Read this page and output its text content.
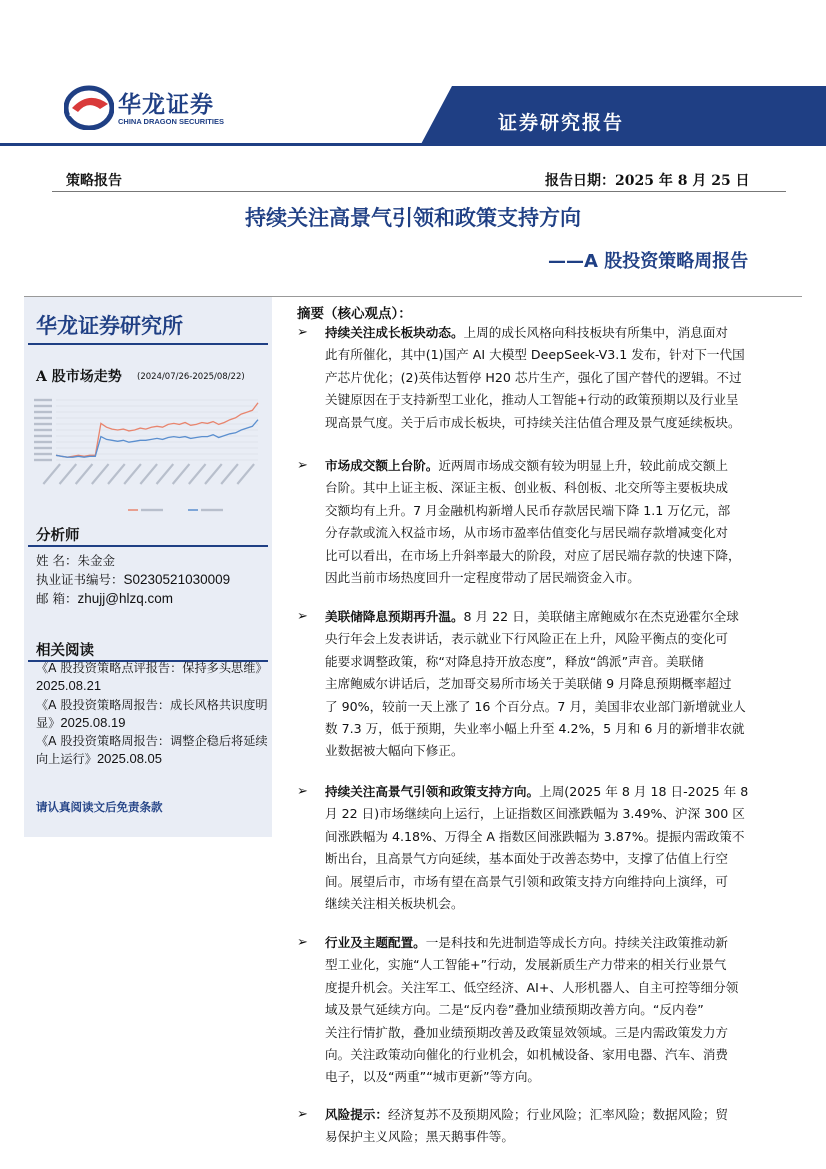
华龙证券
CHINA DRAGON SECURITIES	证券研究报告
策略报告	报告日期：2025 年 8 月 25 日
持续关注高景气引领和政策支持方向
——A 股投资策略周报告
华龙证券研究所
A 股市场走势 (2024/07/26-2025/08/22)
分析师
姓 名：朱金金
执业证书编号：S0230521030009
邮 箱：zhujj@hlzq.com
相关阅读
《A 股投资策略点评报告：保持多头思维》2025.08.21
《A 股投资策略周报告：成长风格共识度明显》2025.08.19
《A 股投资策略周报告：调整企稳后将延续向上运行》2025.08.05
请认真阅读文后免责条款
摘要（核心观点）：
➢ 持续关注成长板块动态。上周的成长风格向科技板块有所集中，消息面对
此有所催化，其中(1)国产 AI 大模型 DeepSeek-V3.1 发布，针对下一代国
产芯片优化；(2)英伟达暂停 H20 芯片生产，强化了国产替代的逻辑。不过
关键原因在于支持新型工业化，推动人工智能+行动的政策预期以及行业呈
现高景气度。关于后市成长板块，可持续关注估值合理及景气度延续板块。
➢ 市场成交额上台阶。近两周市场成交额有较为明显上升，较此前成交额上
台阶。其中上证主板、深证主板、创业板、科创板、北交所等主要板块成
交额均有上升。7 月金融机构新增人民币存款居民端下降 1.1 万亿元，部
分存款或流入权益市场，从市场市盈率估值变化与居民端存款增减变化对
比可以看出，在市场上升斜率最大的阶段，对应了居民端存款的快速下降，
因此当前市场热度回升一定程度带动了居民端资金入市。
➢ 美联储降息预期再升温。8 月 22 日，美联储主席鲍威尔在杰克逊霍尔全球
央行年会上发表讲话，表示就业下行风险正在上升，风险平衡点的变化可
能要求调整政策，称“对降息持开放态度”，释放“鸽派”声音。美联储
主席鲍威尔讲话后，芝加哥交易所市场关于美联储 9 月降息预期概率超过
了 90%，较前一天上涨了 16 个百分点。7 月，美国非农业部门新增就业人
数 7.3 万，低于预期，失业率小幅上升至 4.2%，5 月和 6 月的新增非农就
业数据被大幅向下修正。
➢ 持续关注高景气引领和政策支持方向。上周(2025 年 8 月 18 日-2025 年 8
月 22 日)市场继续向上运行，上证指数区间涨跌幅为 3.49%、沪深 300 区
间涨跌幅为 4.18%、万得全 A 指数区间涨跌幅为 3.87%。提振内需政策不
断出台，且高景气方向延续，基本面处于改善态势中，支撑了估值上行空
间。展望后市，市场有望在高景气引领和政策支持方向维持向上演绎，可
继续关注相关板块机会。
➢ 行业及主题配置。一是科技和先进制造等成长方向。持续关注政策推动新
型工业化，实施“人工智能+”行动，发展新质生产力带来的相关行业景气
度提升机会。关注军工、低空经济、AI+、人形机器人、自主可控等细分领
域及景气延续方向。二是“反内卷”叠加业绩预期改善方向。“反内卷”
关注行情扩散，叠加业绩预期改善及政策显效领域。三是内需政策发力方
向。关注政策动向催化的行业机会，如机械设备、家用电器、汽车、消费
电子，以及“两重”“城市更新”等方向。
➢ 风险提示：经济复苏不及预期风险；行业风险；汇率风险；数据风险；贸
易保护主义风险；黑天鹅事件等。
